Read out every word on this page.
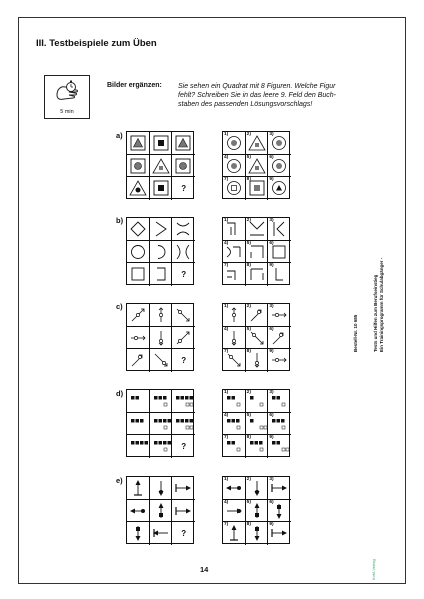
III. Testbeispiele zum Üben
5 min
Bilder ergänzen: Sie sehen ein Quadrat mit 8 Figuren. Welche Figur
fehlt? Schreiben Sie in das leere 9. Feld den Buch-
staben des passenden Lösungsvorschlags!
a)
b)
c)
d)
e)
?
1)	2)	3)
4)	5)	6)
7)	8)	9)
?
1)	2)	3)
4)	5)	6)
7)	8)	9)
?
1)	2)	3)
4)	5)	6)
7)	8)	9)
?
1)	2)	3)
4)	5)	6)
7)	8)	9)
?
1)	2)	3)
4)	5)	6)
7)	8)	9)
14
Bestell-Nr. 10 685	Tests und Hilfen zum Berufseinstieg Ein Trainingsprogramm für Schulabgänger -
Kohl-Verlag
